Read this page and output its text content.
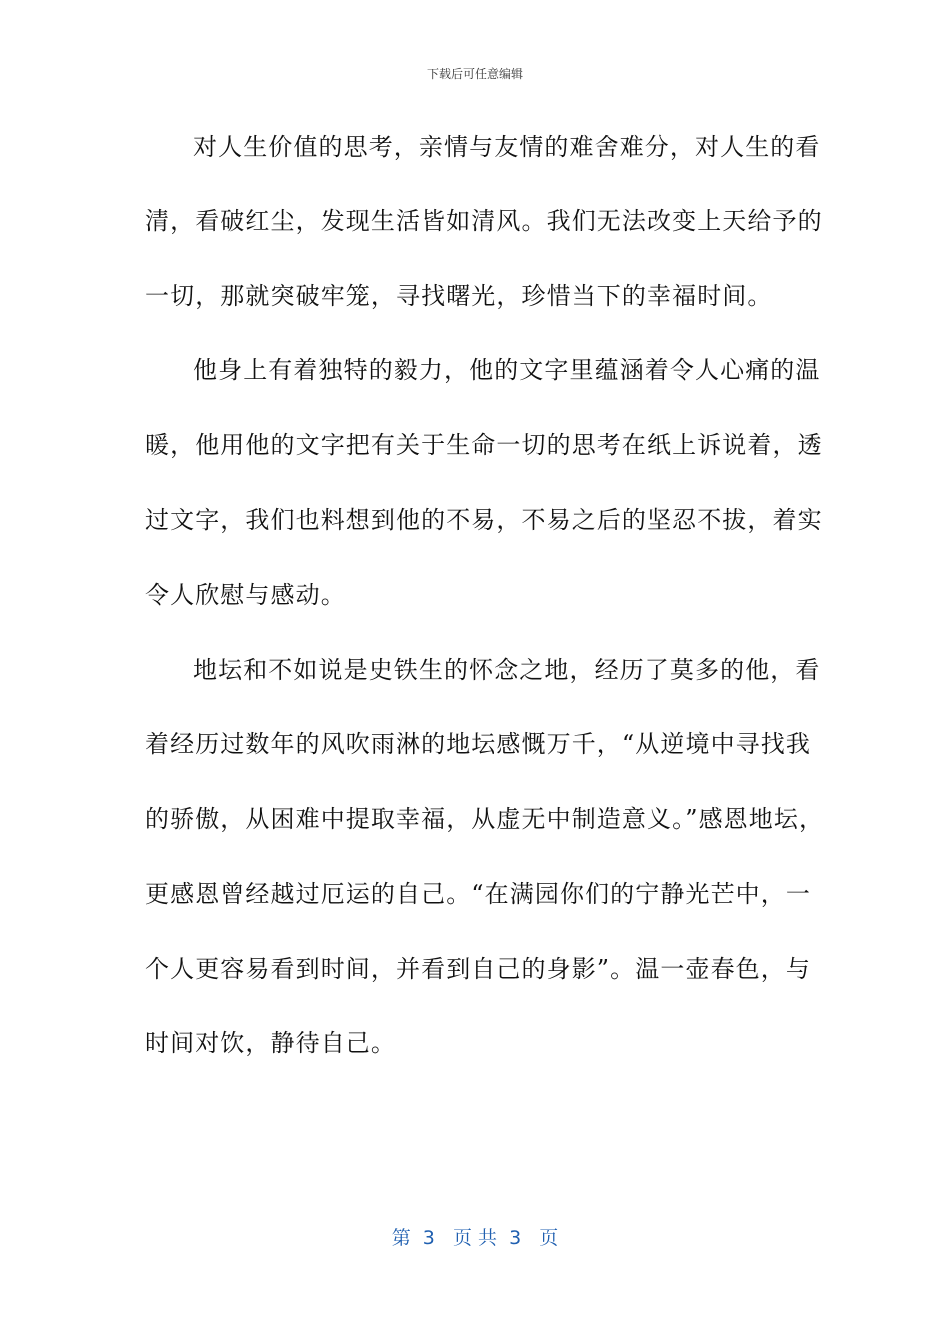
下载后可任意编辑
对人生价值的思考，亲情与友情的难舍难分，对人生的看
清，看破红尘，发现生活皆如清风。我们无法改变上天给予的
一切，那就突破牢笼，寻找曙光，珍惜当下的幸福时间。
他身上有着独特的毅力，他的文字里蕴涵着令人心痛的温
暖，他用他的文字把有关于生命一切的思考在纸上诉说着，透
过文字，我们也料想到他的不易，不易之后的坚忍不拔，着实
令人欣慰与感动。
地坛和不如说是史铁生的怀念之地，经历了莫多的他，看
着经历过数年的风吹雨淋的地坛感慨万千，“从逆境中寻找我
的骄傲，从困难中提取幸福，从虚无中制造意义。”感恩地坛，
更感恩曾经越过厄运的自己。“在满园你们的宁静光芒中，一
个人更容易看到时间，并看到自己的身影”。温一壶春色，与
时间对饮，静待自己。
第  3   页 共  3   页
